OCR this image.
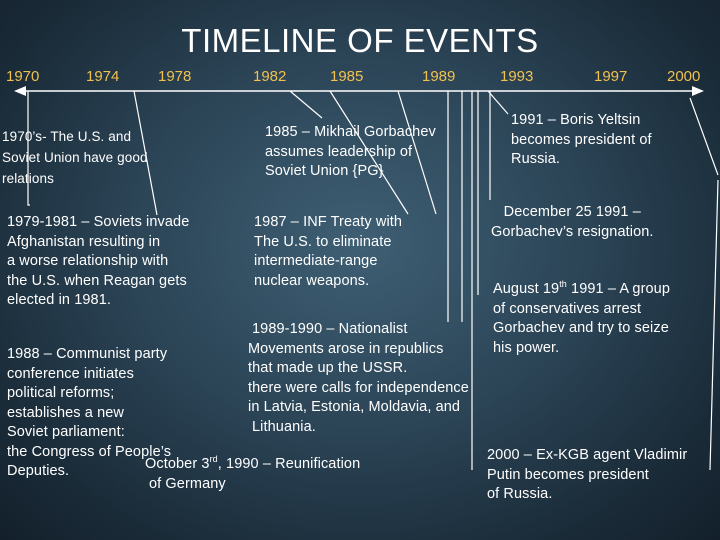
TIMELINE OF EVENTS
1970	1974	1978	1982	1985	1989	1993	1997	2000
1970’s- The U.S. and
Soviet Union have good
relations
1979-1981 – Soviets invade
Afghanistan resulting in
a worse relationship with
the U.S. when Reagan gets
elected in 1981.
1988 – Communist party
conference initiates
political reforms;
establishes a new
Soviet parliament:
the Congress of People’s
Deputies.
1985 – Mikhail Gorbachev
assumes leadership of
Soviet Union {PG}
1987 – INF Treaty with
The U.S. to eliminate
intermediate-range
nuclear weapons.
1989-1990 – Nationalist
Movements arose in republics
that made up the USSR.
there were calls for independence
in Latvia, Estonia, Moldavia, and
Lithuania.
October 3rd, 1990 – Reunification
of Germany
1991 – Boris Yeltsin
becomes president of
Russia.
December 25 1991 –
Gorbachev’s resignation.
August 19th 1991 – A group
of conservatives arrest
Gorbachev and try to seize
his power.
2000 – Ex-KGB agent Vladimir
Putin becomes president
of Russia.
